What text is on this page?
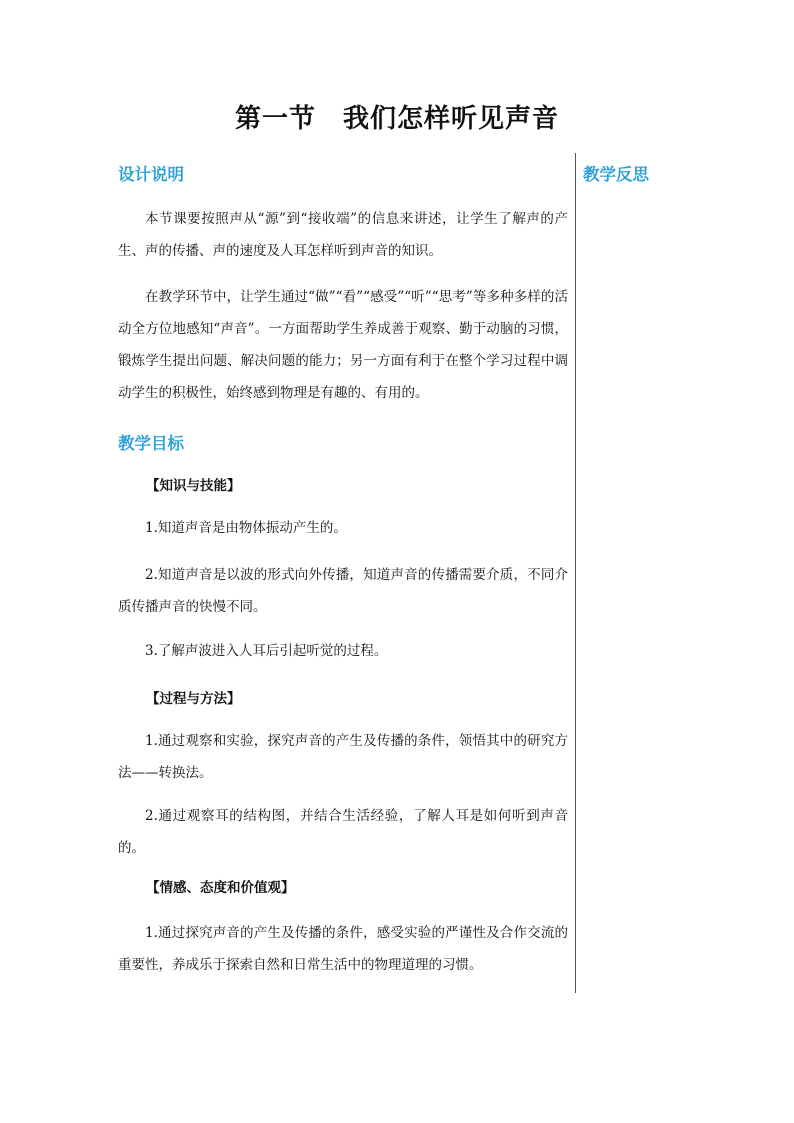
第一节　我们怎样听见声音
教学反思
设计说明

本节课要按照声从“源”到“接收端”的信息来讲述，让学生了解声的产生、声的传播、声的速度及人耳怎样听到声音的知识。

在教学环节中，让学生通过“做”“看”“感受”“听”“思考”等多种多样的活动全方位地感知“声音”。一方面帮助学生养成善于观察、勤于动脑的习惯，锻炼学生提出问题、解决问题的能力；另一方面有利于在整个学习过程中调动学生的积极性，始终感到物理是有趣的、有用的。

教学目标
【知识与技能】

1.知道声音是由物体振动产生的。

2.知道声音是以波的形式向外传播，知道声音的传播需要介质，不同介质传播声音的快慢不同。

3.了解声波进入人耳后引起听觉的过程。

【过程与方法】

1.通过观察和实验，探究声音的产生及传播的条件，领悟其中的研究方法——转换法。

2.通过观察耳的结构图，并结合生活经验，了解人耳是如何听到声音的。

【情感、态度和价值观】

1.通过探究声音的产生及传播的条件，感受实验的严谨性及合作交流的重要性，养成乐于探索自然和日常生活中的物理道理的习惯。
